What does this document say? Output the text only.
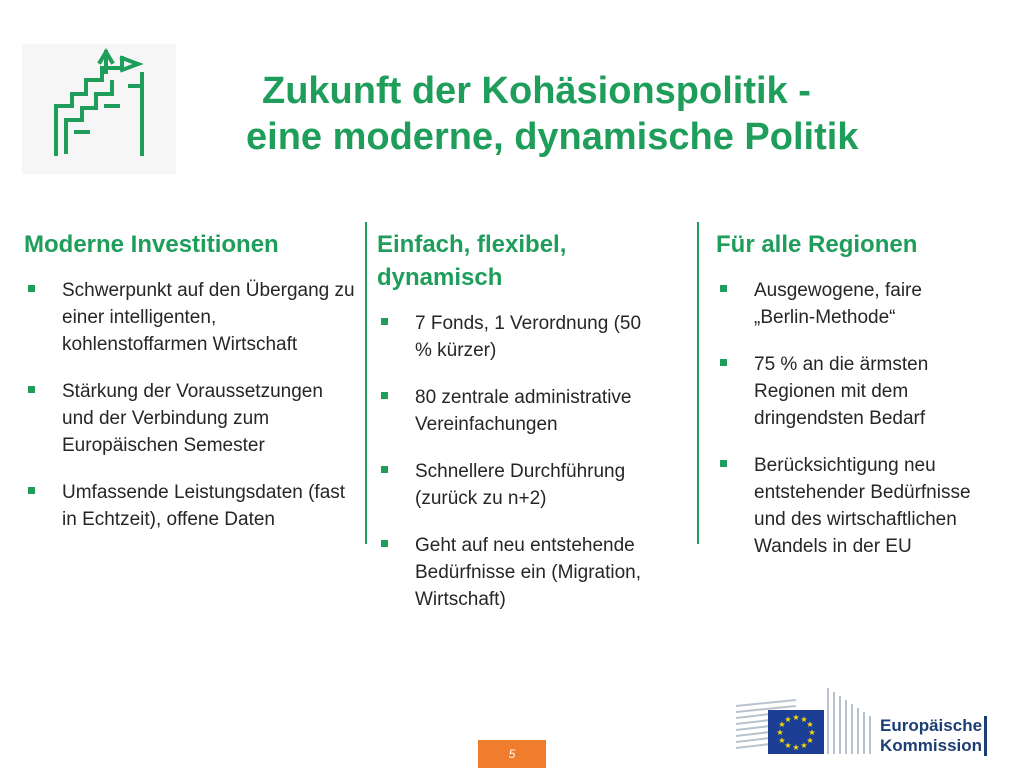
Zukunft der Kohäsionspolitik -
eine moderne, dynamische Politik
Moderne Investitionen
Schwerpunkt auf den Übergang zu einer intelligenten, kohlenstoffarmen Wirtschaft
Stärkung der Voraussetzungen und der Verbindung zum Europäischen Semester
Umfassende Leistungsdaten (fast in Echtzeit), offene Daten
Einfach, flexibel, dynamisch
7 Fonds, 1 Verordnung (50 % kürzer)
80 zentrale administrative Vereinfachungen
Schnellere Durchführung (zurück zu n+2)
Geht auf neu entstehende Bedürfnisse ein (Migration, Wirtschaft)
Für alle Regionen
Ausgewogene, faire „Berlin-Methode“
75 % an die ärmsten Regionen mit dem dringendsten Bedarf
Berücksichtigung neu entstehender Bedürfnisse und des wirtschaftlichen Wandels in der EU
5
★ ★
★
★
★
★
★
★
★
★
★
★	Europäische
Kommission
